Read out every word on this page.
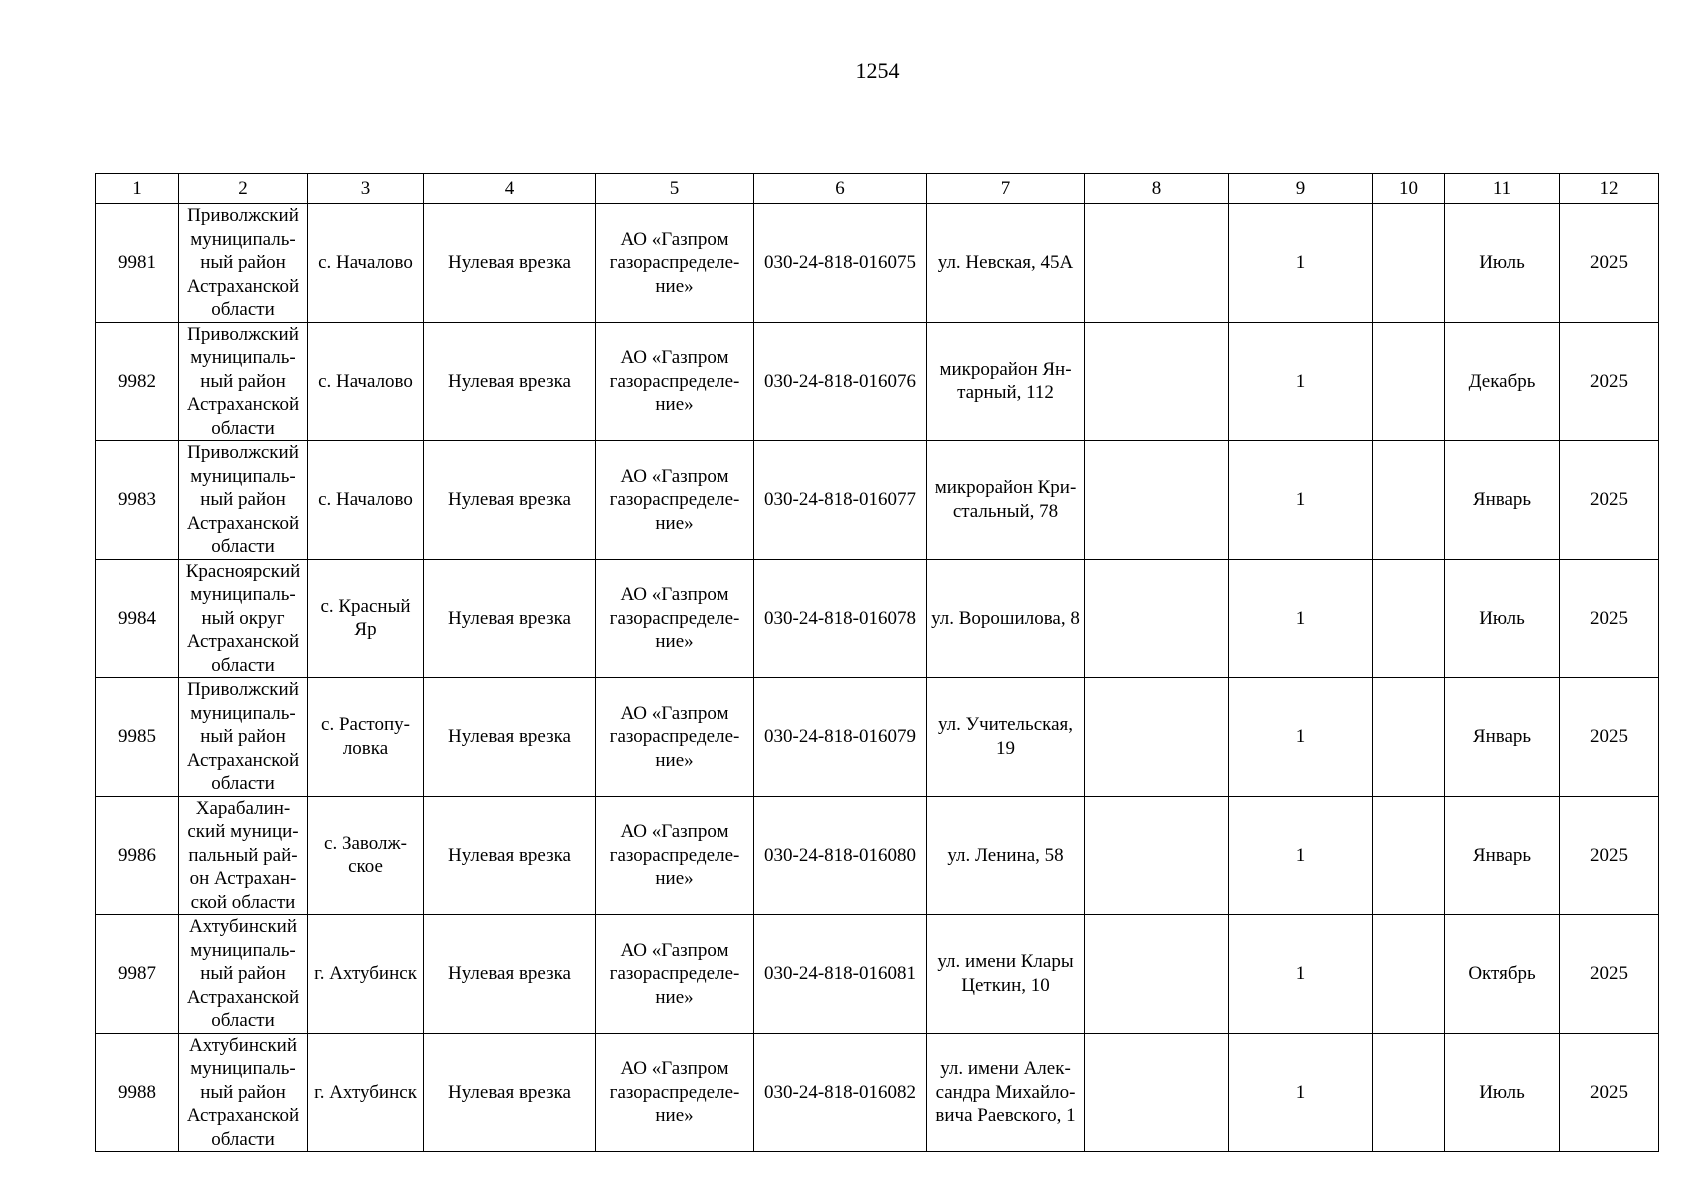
1254
1	2	3	4	5	6	7	8	9	10	11	12
9981	Приволжский муниципаль-ный район Астраханской области	с. Началово	Нулевая врезка	АО «Газпром газораспределе-ние»	030-24-818-016075	ул. Невская, 45А		1		Июль	2025
9982	Приволжский муниципаль-ный район Астраханской области	с. Началово	Нулевая врезка	АО «Газпром газораспределе-ние»	030-24-818-016076	микрорайон Ян-тарный, 112		1		Декабрь	2025
9983	Приволжский муниципаль-ный район Астраханской области	с. Началово	Нулевая врезка	АО «Газпром газораспределе-ние»	030-24-818-016077	микрорайон Кри-стальный, 78		1		Январь	2025
9984	Красноярский муниципаль-ный округ Астраханской области	с. Красный Яр	Нулевая врезка	АО «Газпром газораспределе-ние»	030-24-818-016078	ул. Ворошилова, 8		1		Июль	2025
9985	Приволжский муниципаль-ный район Астраханской области	с. Растопу-ловка	Нулевая врезка	АО «Газпром газораспределе-ние»	030-24-818-016079	ул. Учительская, 19		1		Январь	2025
9986	Харабалин-ский муници-пальный рай-он Астрахан-ской области	с. Заволж-ское	Нулевая врезка	АО «Газпром газораспределе-ние»	030-24-818-016080	ул. Ленина, 58		1		Январь	2025
9987	Ахтубинский муниципаль-ный район Астраханской области	г. Ахтубинск	Нулевая врезка	АО «Газпром газораспределе-ние»	030-24-818-016081	ул. имени Клары Цеткин, 10		1		Октябрь	2025
9988	Ахтубинский муниципаль-ный район Астраханской области	г. Ахтубинск	Нулевая врезка	АО «Газпром газораспределе-ние»	030-24-818-016082	ул. имени Алек-сандра Михайло-вича Раевского, 1		1		Июль	2025
